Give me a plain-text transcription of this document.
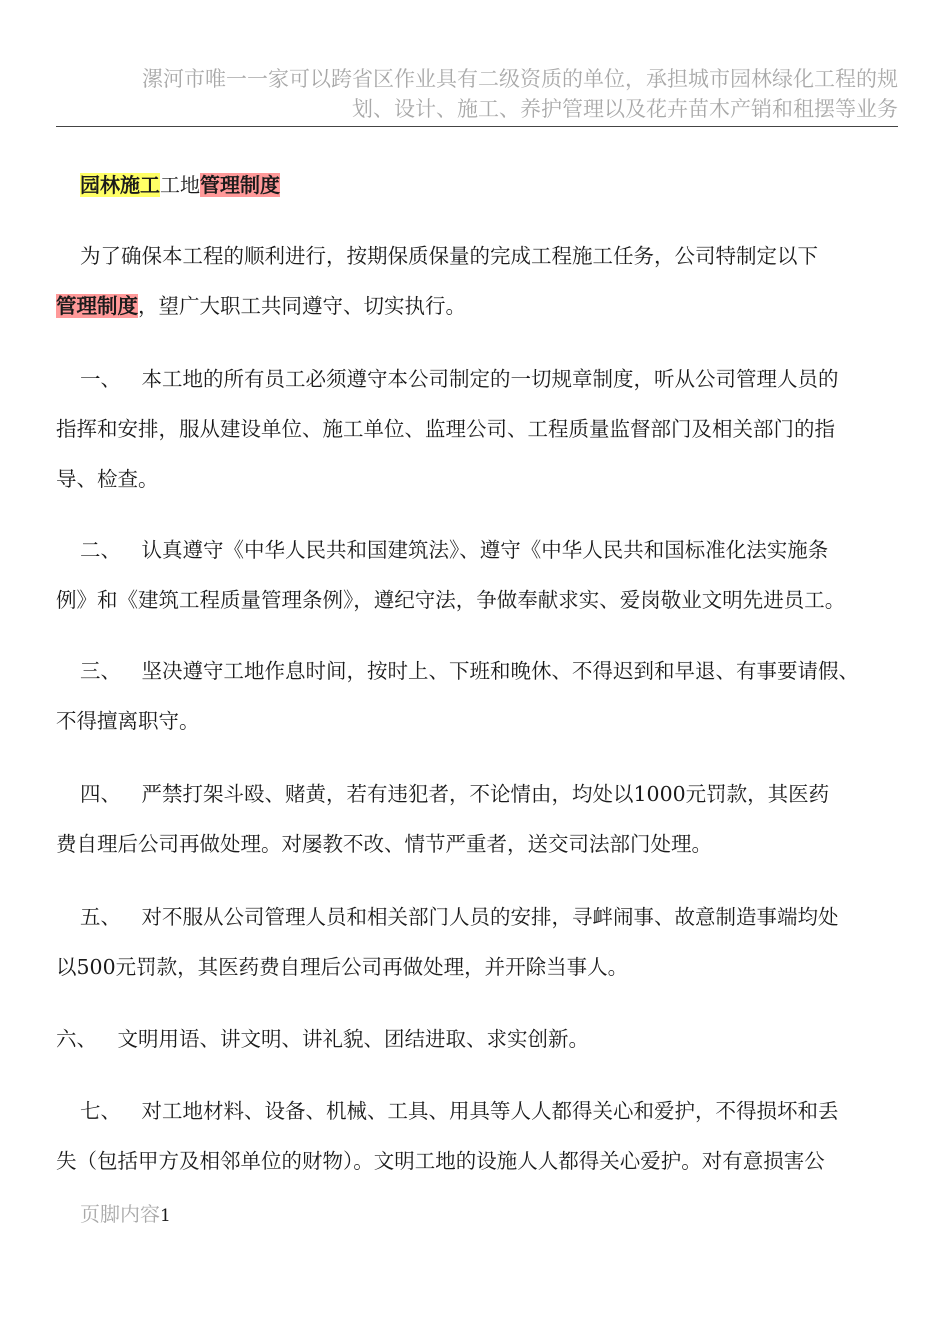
漯河市唯一一家可以跨省区作业具有二级资质的单位，承担城市园林绿化工程的规
划、设计、施工、养护管理以及花卉苗木产销和租摆等业务
园林施工工地管理制度
为了确保本工程的顺利进行，按期保质保量的完成工程施工任务，公司特制定以下
管理制度，望广大职工共同遵守、切实执行。
一、　 本工地的所有员工必须遵守本公司制定的一切规章制度，听从公司管理人员的
指挥和安排，服从建设单位、施工单位、监理公司、工程质量监督部门及相关部门的指
导、检查。
二、　 认真遵守《中华人民共和国建筑法》、遵守《中华人民共和国标准化法实施条
例》和《建筑工程质量管理条例》，遵纪守法，争做奉献求实、爱岗敬业文明先进员工。
三、　 坚决遵守工地作息时间，按时上、下班和晚休、不得迟到和早退、有事要请假、
不得擅离职守。
四、　 严禁打架斗殴、赌黄，若有违犯者，不论情由，均处以1000元罚款，其医药
费自理后公司再做处理。对屡教不改、情节严重者，送交司法部门处理。
五、　 对不服从公司管理人员和相关部门人员的安排，寻衅闹事、故意制造事端均处
以500元罚款，其医药费自理后公司再做处理，并开除当事人。
六、　 文明用语、讲文明、讲礼貌、团结进取、求实创新。
七、　 对工地材料、设备、机械、工具、用具等人人都得关心和爱护，不得损坏和丢
失（包括甲方及相邻单位的财物）。文明工地的设施人人都得关心爱护。对有意损害公
页脚内容1
